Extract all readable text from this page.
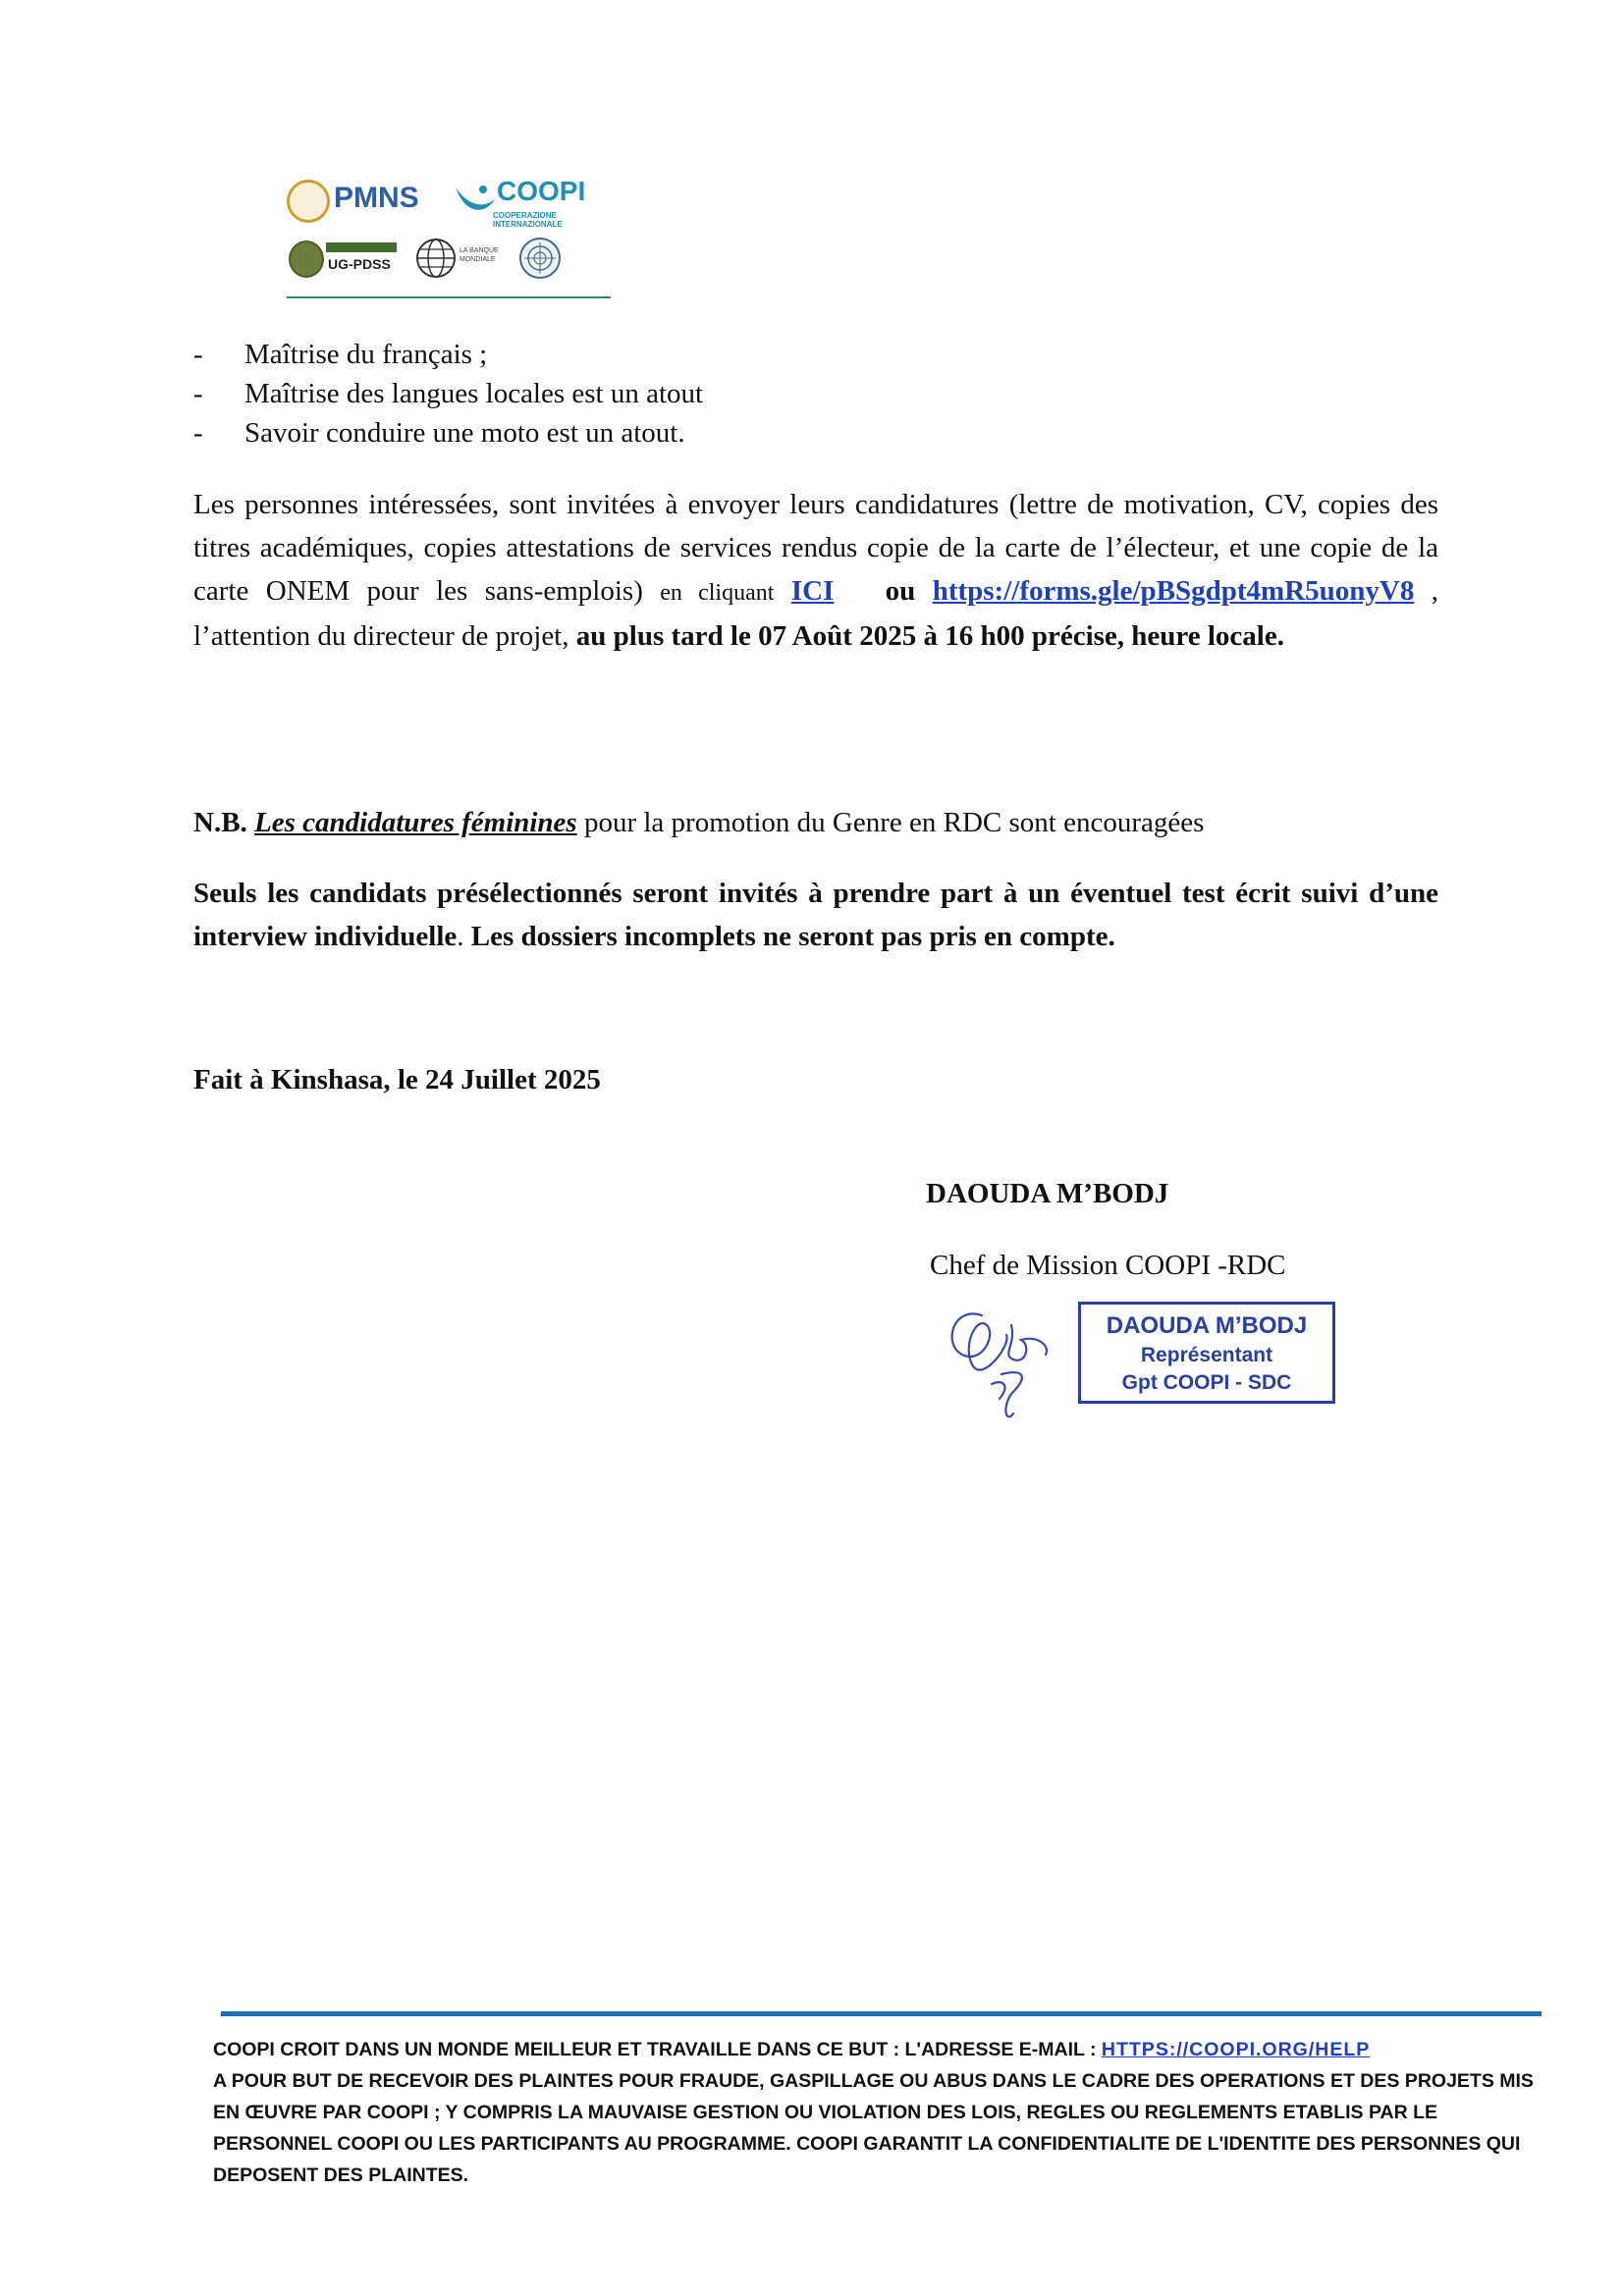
PMNS	COOPI
COOPERAZIONE INTERNAZIONALE
UG-PDSS
LA BANQUE MONDIALE
- Maîtrise du français ;
- Maîtrise des langues locales est un atout
- Savoir conduire une moto est un atout.

Les personnes intéressées, sont invitées à envoyer leurs candidatures (lettre de motivation, CV, copies des titres académiques, copies attestations de services rendus copie de la carte de l’électeur, et une copie de la carte ONEM pour les sans-emplois) en cliquant ICI ou https://forms.gle/pBSgdpt4mR5uonyV8 , l’attention du directeur de projet, au plus tard le 07 Août 2025 à 16 h00 précise, heure locale.

N.B. Les candidatures féminines pour la promotion du Genre en RDC sont encouragées

Seuls les candidats présélectionnés seront invités à prendre part à un éventuel test écrit suivi d’une interview individuelle. Les dossiers incomplets ne seront pas pris en compte.

Fait à Kinshasa, le 24 Juillet 2025
DAOUDA M’BODJ
Chef de Mission COOPI -RDC
DAOUDA M’BODJ
Représentant
Gpt COOPI - SDC

COOPI CROIT DANS UN MONDE MEILLEUR ET TRAVAILLE DANS CE BUT : L'ADRESSE E-MAIL : HTTPS://COOPI.ORG/HELP
A POUR BUT DE RECEVOIR DES PLAINTES POUR FRAUDE, GASPILLAGE OU ABUS DANS LE CADRE DES OPERATIONS ET DES PROJETS MIS EN ŒUVRE PAR COOPI ; Y COMPRIS LA MAUVAISE GESTION OU VIOLATION DES LOIS, REGLES OU REGLEMENTS ETABLIS PAR LE PERSONNEL COOPI OU LES PARTICIPANTS AU PROGRAMME. COOPI GARANTIT LA CONFIDENTIALITE DE L'IDENTITE DES PERSONNES QUI DEPOSENT DES PLAINTES.
